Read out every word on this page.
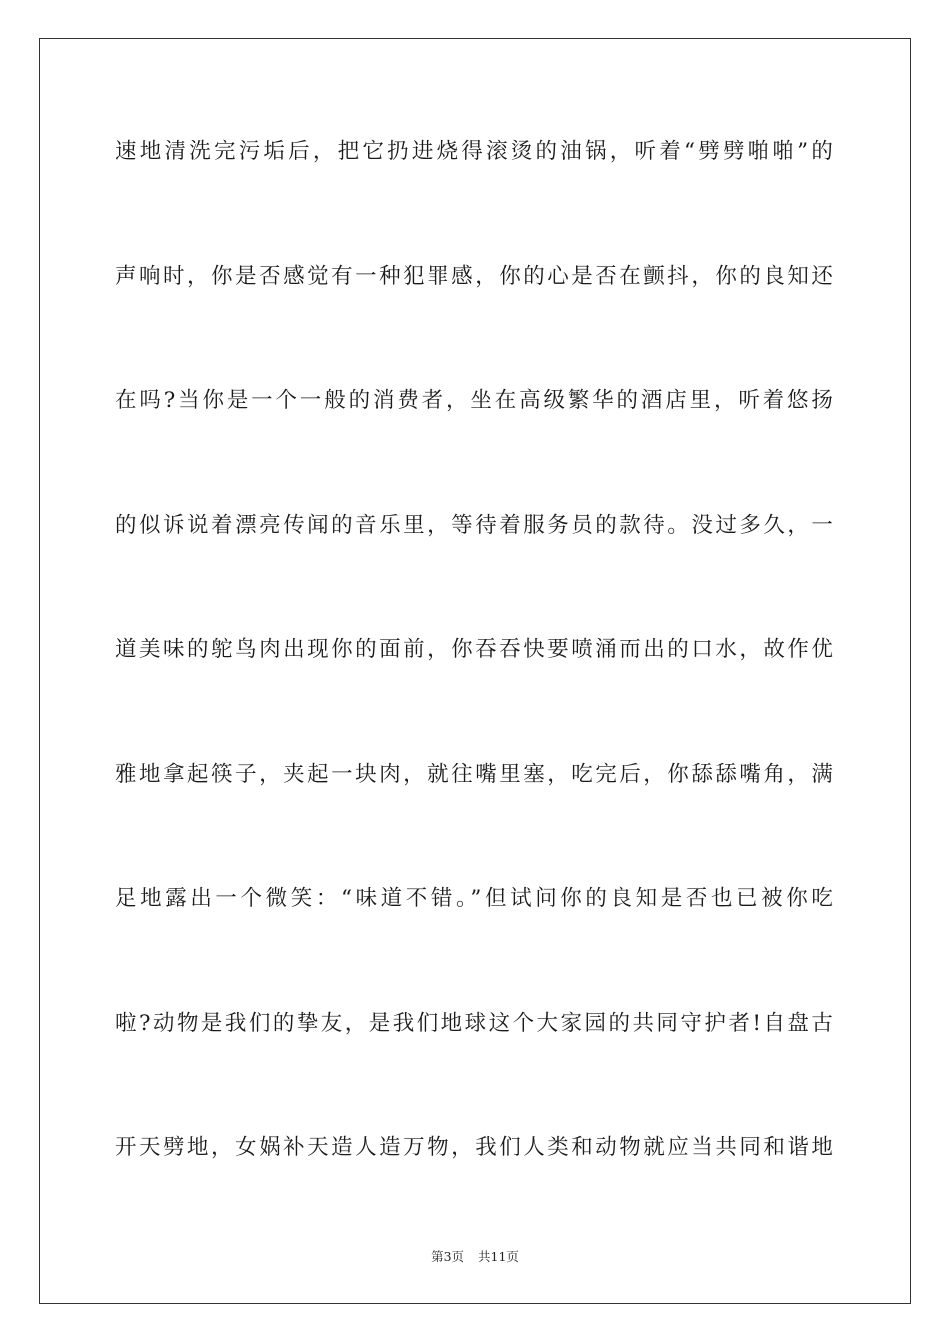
速地清洗完污垢后，把它扔进烧得滚烫的油锅，听着“劈劈啪啪”的
声响时，你是否感觉有一种犯罪感，你的心是否在颤抖，你的良知还
在吗?当你是一个一般的消费者，坐在高级繁华的酒店里，听着悠扬
的似诉说着漂亮传闻的音乐里，等待着服务员的款待。没过多久，一
道美味的鸵鸟肉出现你的面前，你吞吞快要喷涌而出的口水，故作优
雅地拿起筷子，夹起一块肉，就往嘴里塞，吃完后，你舔舔嘴角，满
足地露出一个微笑：“味道不错。”但试问你的良知是否也已被你吃
啦?动物是我们的挚友，是我们地球这个大家园的共同守护者!自盘古
开天劈地，女娲补天造人造万物，我们人类和动物就应当共同和谐地
第3页 共11页
